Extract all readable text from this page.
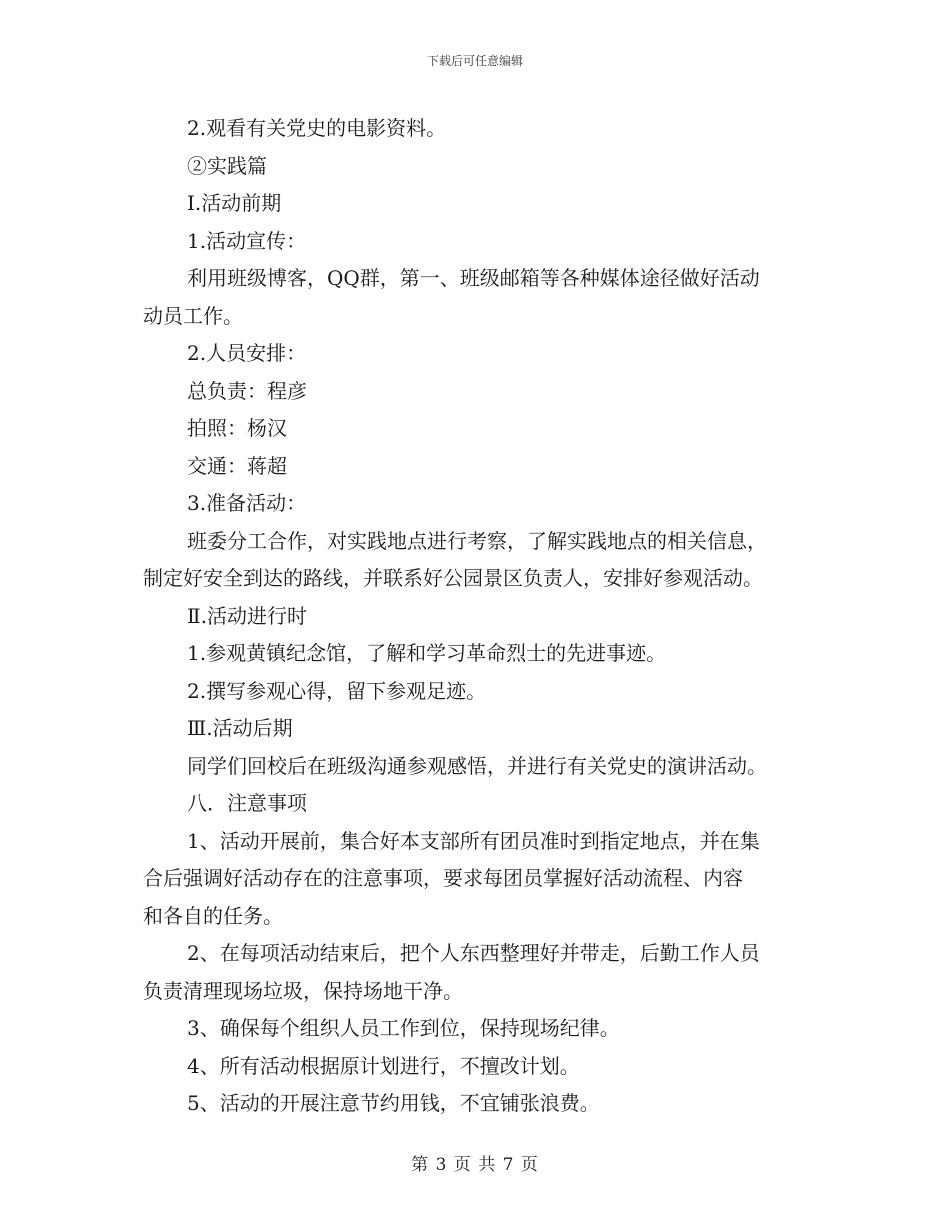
下载后可任意编辑
2.观看有关党史的电影资料。
②实践篇
Ⅰ.活动前期
1.活动宣传：
利用班级博客，QQ群，第一、班级邮箱等各种媒体途径做好活动
动员工作。
2.人员安排：
总负责：程彦
拍照：杨汉
交通：蒋超
3.准备活动：
班委分工合作，对实践地点进行考察，了解实践地点的相关信息，
制定好安全到达的路线，并联系好公园景区负责人，安排好参观活动。
Ⅱ.活动进行时
1.参观黄镇纪念馆，了解和学习革命烈士的先进事迹。
2.撰写参观心得，留下参观足迹。
Ⅲ.活动后期
同学们回校后在班级沟通参观感悟，并进行有关党史的演讲活动。
八．注意事项
1、活动开展前，集合好本支部所有团员准时到指定地点，并在集
合后强调好活动存在的注意事项，要求每团员掌握好活动流程、内容
和各自的任务。
2、在每项活动结束后，把个人东西整理好并带走，后勤工作人员
负责清理现场垃圾，保持场地干净。
3、确保每个组织人员工作到位，保持现场纪律。
4、所有活动根据原计划进行，不擅改计划。
5、活动的开展注意节约用钱，不宜铺张浪费。
第 3 页 共 7 页
